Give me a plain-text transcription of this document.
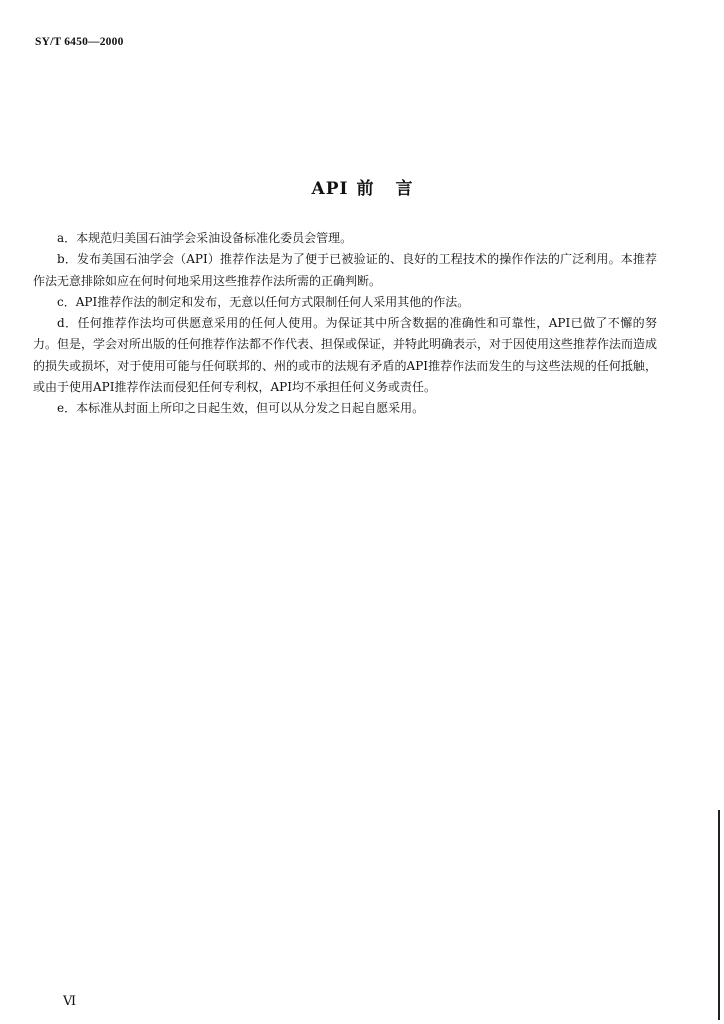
SY/T 6450—2000
API 前 言

a．本规范归美国石油学会采油设备标准化委员会管理。

b．发布美国石油学会（API）推荐作法是为了便于已被验证的、良好的工程技术的操作作法的广泛利用。本推荐作法无意排除如应在何时何地采用这些推荐作法所需的正确判断。

c．API推荐作法的制定和发布，无意以任何方式限制任何人采用其他的作法。

d．任何推荐作法均可供愿意采用的任何人使用。为保证其中所含数据的准确性和可靠性，API已做了不懈的努力。但是，学会对所出版的任何推荐作法都不作代表、担保或保证，并特此明确表示，对于因使用这些推荐作法而造成的损失或损坏，对于使用可能与任何联邦的、州的或市的法规有矛盾的API推荐作法而发生的与这些法规的任何抵触，或由于使用API推荐作法而侵犯任何专利权，API均不承担任何义务或责任。

e．本标准从封面上所印之日起生效，但可以从分发之日起自愿采用。

Ⅵ
